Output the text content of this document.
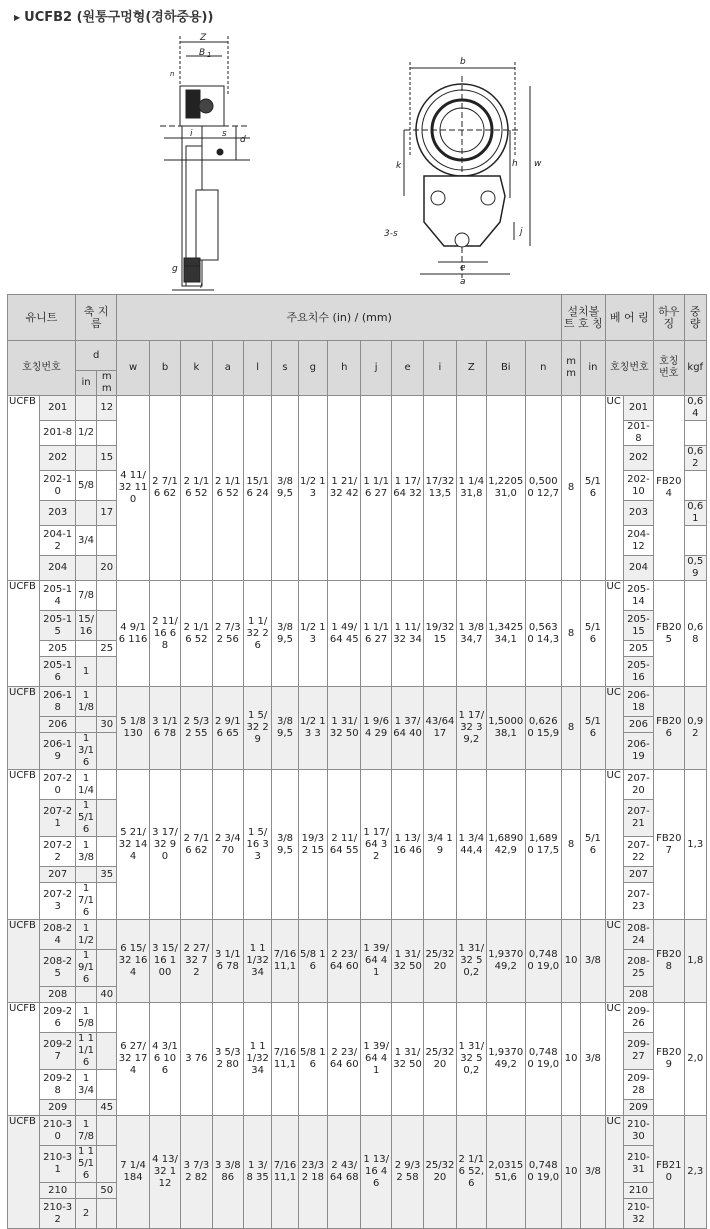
▶ UCFB2 (원통구멍형(경하중용))
Z
B 1
n
i	s
d
g
l
b
w
k	h
j
3-s
e
a
유니트		축 지 름		주요치수 (in) / (mm)														설치볼트 호 칭		베 어 링		하우징	중량
호칭번호		d		w	b	k	a	l	s	g	h	j	e	i	Z	Bi	n	mm	in	호칭번호		호칭 번호	kgf
		in	mm																				
UCFB	201		12	4 11/32 110	2 7/16 62	2 1/16 52	2 1/16 52	15/16 24	3/8 9,5	1/2 13	1 21/32 42	1 1/16 27	1 17/64 32	17/32 13,5	1 1/4 31,8	1,2205 31,0	0,5000 12,7	8	5/16	UC	201	FB204	0,64
	201-8	1/2																			201-8		
	202		15																		202		0,62
	202-10	5/8																			202-10		
	203		17																		203		0,61
	204-12	3/4																			204-12		
	204		20																		204		0,59
UCFB	205-14	7/8		4 9/16 116	2 11/16 68	2 1/16 52	2 7/32 56	1 1/32 26	3/8 9,5	1/2 13	1 49/64 45	1 1/16 27	1 11/32 34	19/32 15	1 3/8 34,7	1,3425 34,1	0,5630 14,3	8	5/16	UC	205-14	FB205	0,68
	205-15	15/16																			205-15		
	205		25																		205		
	205-16	1																			205-16		
UCFB	206-18	1 1/8		5 1/8 130	3 1/16 78	2 5/32 55	2 9/16 65	1 5/32 29	3/8 9,5	1/2 13 3	1 31/32 50	1 9/64 29	1 37/64 40	43/64 17	1 17/32 39,2	1,5000 38,1	0,6260 15,9	8	5/16	UC	206-18	FB206	0,92
	206		30																		206		
	206-19	1 3/16																			206-19		
UCFB	207-20	1 1/4		5 21/32 144	3 17/32 90	2 7/16 62	2 3/4 70	1 5/16 33	3/8 9,5	19/32 15	2 11/64 55	1 17/64 32	1 13/16 46	3/4 19	1 3/4 44,4	1,6890 42,9	1,6890 17,5	8	5/16	UC	207-20	FB207	1,3
	207-21	1 5/16																			207-21		
	207-22	1 3/8																			207-22		
	207		35																		207		
	207-23	1 7/16																			207-23		
UCFB	208-24	1 1/2		6 15/32 164	3 15/16 100	2 27/32 72	3 1/16 78	1 11/32 34	7/16 11,1	5/8 16	2 23/64 60	1 39/64 41	1 31/32 50	25/32 20	1 31/32 50,2	1,9370 49,2	0,7480 19,0	10	3/8	UC	208-24	FB208	1,8
	208-25	1 9/16																			208-25		
	208		40																		208		
UCFB	209-26	1 5/8		6 27/32 174	4 3/16 106	3 76	3 5/32 80	1 11/32 34	7/16 11,1	5/8 16	2 23/64 60	1 39/64 41	1 31/32 50	25/32 20	1 31/32 50,2	1,9370 49,2	0,7480 19,0	10	3/8	UC	209-26	FB209	2,0
	209-27	1 11/16																			209-27		
	209-28	1 3/4																			209-28		
	209		45																		209		
UCFB	210-30	1 7/8		7 1/4 184	4 13/32 112	3 7/32 82	3 3/8 86	1 3/8 35	7/16 11,1	23/32 18	2 43/64 68	1 13/16 46	2 9/32 58	25/32 20	2 1/16 52,6	2,0315 51,6	0,7480 19,0	10	3/8	UC	210-30	FB210	2,3
	210-31	1 15/16																			210-31		
	210		50																		210		
	210-32	2																			210-32		
